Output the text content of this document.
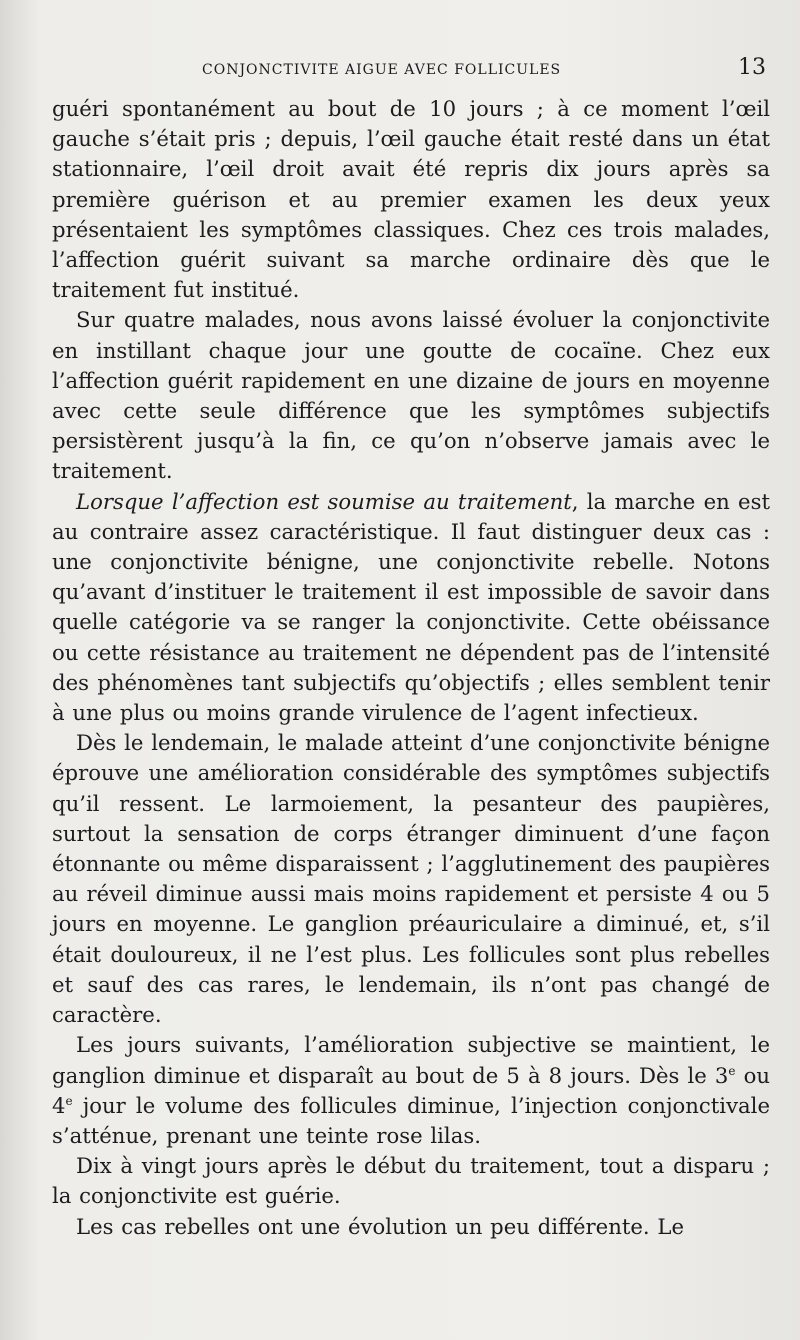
CONJONCTIVITE AIGUE AVEC FOLLICULES	13

guéri spontanément au bout de 10 jours ; à ce moment l’œil gauche s’était pris ; depuis, l’œil gauche était resté dans un état stationnaire, l’œil droit avait été repris dix jours après sa première guérison et au premier examen les deux yeux présentaient les symptômes classiques. Chez ces trois malades, l’affection guérit suivant sa marche ordinaire dès que le traitement fut institué.

Sur quatre malades, nous avons laissé évoluer la conjonctivite en instillant chaque jour une goutte de cocaïne. Chez eux l’affection guérit rapidement en une dizaine de jours en moyenne avec cette seule différence que les symptômes subjectifs persistèrent jusqu’à la fin, ce qu’on n’observe jamais avec le traitement.

Lorsque l’affection est soumise au traitement, la marche en est au contraire assez caractéristique. Il faut distinguer deux cas : une conjonctivite bénigne, une conjonctivite rebelle. Notons qu’avant d’instituer le traitement il est impossible de savoir dans quelle catégorie va se ranger la conjonctivite. Cette obéissance ou cette résistance au traitement ne dépendent pas de l’intensité des phénomènes tant subjectifs qu’objectifs ; elles semblent tenir à une plus ou moins grande virulence de l’agent infectieux.

Dès le lendemain, le malade atteint d’une conjonctivite bénigne éprouve une amélioration considérable des symptômes subjectifs qu’il ressent. Le larmoiement, la pesanteur des paupières, surtout la sensation de corps étranger diminuent d’une façon étonnante ou même disparaissent ; l’agglutinement des paupières au réveil diminue aussi mais moins rapidement et persiste 4 ou 5 jours en moyenne. Le ganglion préauriculaire a diminué, et, s’il était douloureux, il ne l’est plus. Les follicules sont plus rebelles et sauf des cas rares, le lendemain, ils n’ont pas changé de caractère.

Les jours suivants, l’amélioration subjective se maintient, le ganglion diminue et disparaît au bout de 5 à 8 jours. Dès le 3e ou 4e jour le volume des follicules diminue, l’injection conjonctivale s’atténue, prenant une teinte rose lilas.

Dix à vingt jours après le début du traitement, tout a disparu ; la conjonctivite est guérie.

Les cas rebelles ont une évolution un peu différente. Le
